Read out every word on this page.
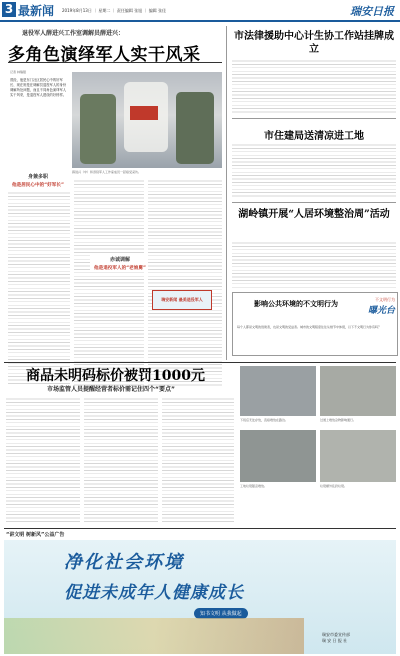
3 最新闻 2019年8月13日 ｜ 星期二 ｜ 责任编辑 张旭 ｜ 编辑 张佳	瑞安日报
退役军人薛进兴工作室调解员薛进兴：
多角色演绎军人实干风采
记者 林瑞强
曾经，他是东门社区居民心中的好军长、现在则是在调解员退役军人的身份调解所处问题，而且不同角色演绎军人实干风采，是退役军人建设的好榜样。
薛进兴（中）和退役军人工作室成员一起接受采访。
身兼多职
他是居民心中的“好军长”
赤诚调解
他是退役军人的“老娘舅”
瑞安新闻 最美退役军人
市法律援助中心计生协工作站挂牌成立
市住建局送清凉进工地
湖岭镇开展“人居环境整治周”活动
影响公共环境的不文明行为	不文明行为
曝光台
每个人都是文明的创建者，也是文明的受益者。城市的文明程度往往从细节中体现，以下不文明行为你有吗？
商品未明码标价被罚1000元
市场监管人员提醒经营者标价需记住四个“要点”
下班后无处存放，直接堆放在路边。	过道上堆放杂物影响通行。
工地垃圾随意堆放。	垃圾桶外乱扔垃圾。
“讲文明 树新风”公益广告
净化社会环境
促进未成年人健康成长
知书文明 从我做起
瑞安市委宣传部
瑞 安 日 报 社
